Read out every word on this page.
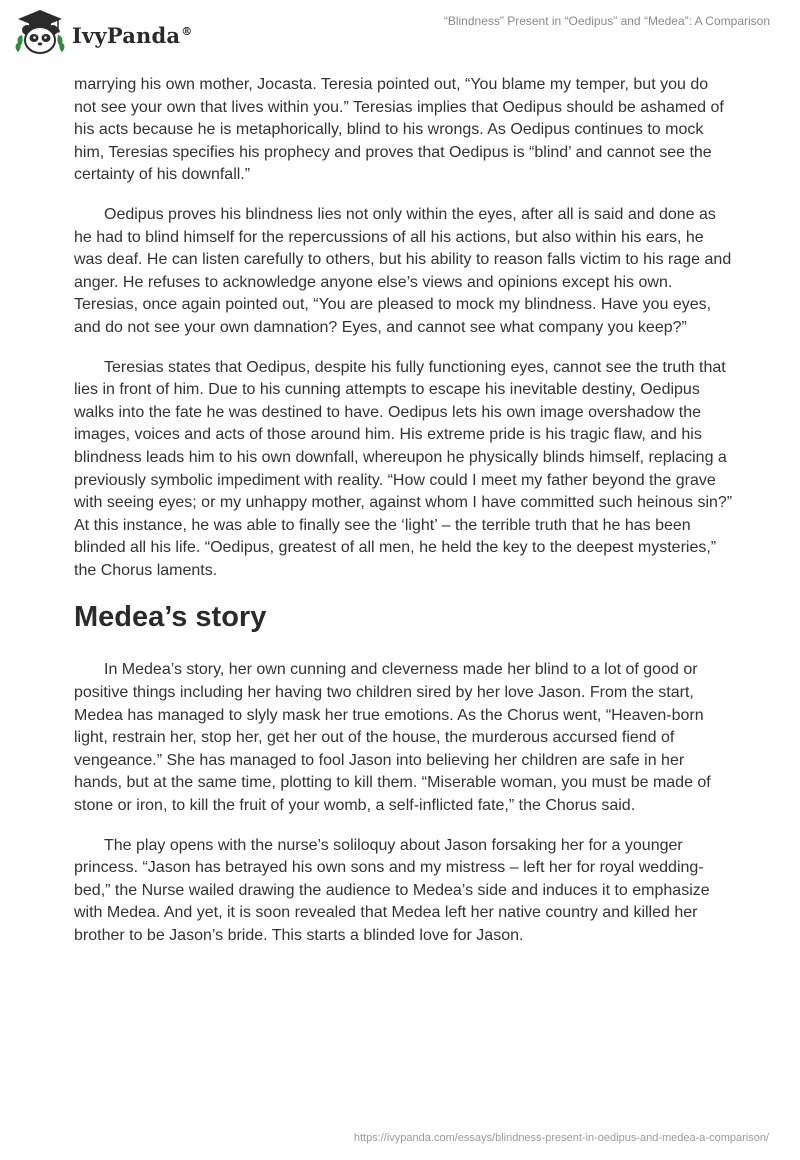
IvyPanda®
“Blindness” Present in “Oedipus” and “Medea”: A Comparison

marrying his own mother, Jocasta. Teresia pointed out, “You blame my temper, but you do not see your own that lives within you.” Teresias implies that Oedipus should be ashamed of his acts because he is metaphorically, blind to his wrongs. As Oedipus continues to mock him, Teresias specifies his prophecy and proves that Oedipus is “blind’ and cannot see the certainty of his downfall.”

Oedipus proves his blindness lies not only within the eyes, after all is said and done as he had to blind himself for the repercussions of all his actions, but also within his ears, he was deaf. He can listen carefully to others, but his ability to reason falls victim to his rage and anger. He refuses to acknowledge anyone else’s views and opinions except his own. Teresias, once again pointed out, “You are pleased to mock my blindness. Have you eyes, and do not see your own damnation? Eyes, and cannot see what company you keep?”

Teresias states that Oedipus, despite his fully functioning eyes, cannot see the truth that lies in front of him. Due to his cunning attempts to escape his inevitable destiny, Oedipus walks into the fate he was destined to have. Oedipus lets his own image overshadow the images, voices and acts of those around him. His extreme pride is his tragic flaw, and his blindness leads him to his own downfall, whereupon he physically blinds himself, replacing a previously symbolic impediment with reality. “How could I meet my father beyond the grave with seeing eyes; or my unhappy mother, against whom I have committed such heinous sin?” At this instance, he was able to finally see the ‘light’ – the terrible truth that he has been blinded all his life. “Oedipus, greatest of all men, he held the key to the deepest mysteries,” the Chorus laments.

Medea’s story

In Medea’s story, her own cunning and cleverness made her blind to a lot of good or positive things including her having two children sired by her love Jason. From the start, Medea has managed to slyly mask her true emotions. As the Chorus went, “Heaven-born light, restrain her, stop her, get her out of the house, the murderous accursed fiend of vengeance.” She has managed to fool Jason into believing her children are safe in her hands, but at the same time, plotting to kill them. “Miserable woman, you must be made of stone or iron, to kill the fruit of your womb, a self-inflicted fate,” the Chorus said.

The play opens with the nurse’s soliloquy about Jason forsaking her for a younger princess. “Jason has betrayed his own sons and my mistress – left her for royal wedding-bed,” the Nurse wailed drawing the audience to Medea’s side and induces it to emphasize with Medea. And yet, it is soon revealed that Medea left her native country and killed her brother to be Jason’s bride. This starts a blinded love for Jason.

https://ivypanda.com/essays/blindness-present-in-oedipus-and-medea-a-comparison/
